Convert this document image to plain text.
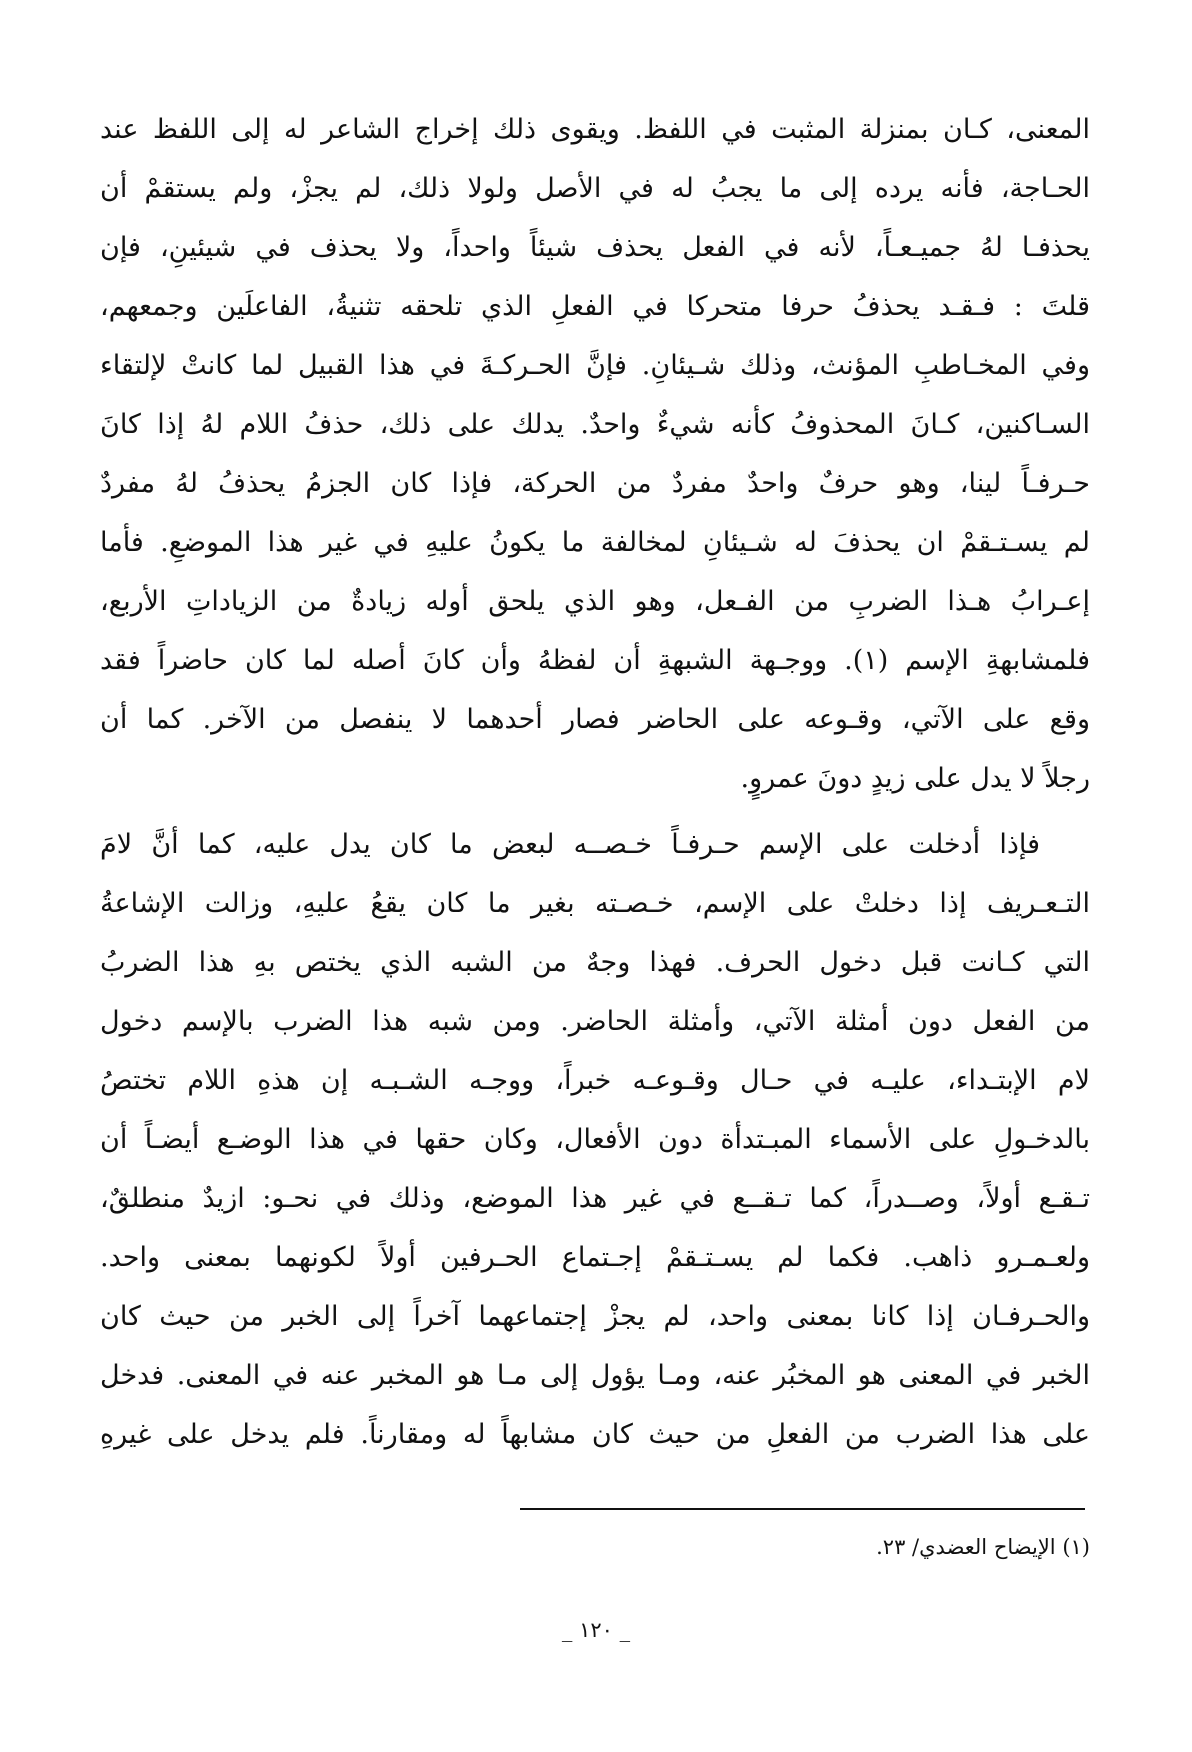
المعنى، كـان بمنزلة المثبت في اللفظ. ويقوى ذلك إخراج الشاعر له إلى اللفظ عند
الحـاجة، فأنه يرده إلى ما يجبُ له في الأصل ولولا ذلك، لم يجزْ، ولم يستقمْ أن
يحذفـا لهُ جميـعـاً، لأنه في الفعل يحذف شيئاً واحداً، ولا يحذف في شيئينِ، فإن
قلتَ : فـقـد يحذفُ حرفا متحركا في الفعلِ الذي تلحقه تثنيةُ، الفاعلَين وجمعهم،
وفي المخـاطبِ المؤنث، وذلك شـيئانِ. فإنَّ الحـركـةَ في هذا القبيل لما كانتْ لإلتقاء
السـاكنين، كـانَ المحذوفُ كأنه شيءٌ واحدٌ. يدلك على ذلك، حذفُ اللام لهُ إذا كانَ
حـرفـاً لينا، وهو حرفٌ واحدٌ مفردٌ من الحركة، فإذا كان الجزمُ يحذفُ لهُ مفردٌ
لم يسـتـقمْ ان يحذفَ له شـيئانِ لمخالفة ما يكونُ عليهِ في غير هذا الموضعِ. فأما
إعـرابُ هـذا الضربِ من الفـعل، وهو الذي يلحق أوله زيادةٌ من الزياداتِ الأربع،
فلمشابهةِ الإسم (١). ووجـهة الشبهةِ أن لفظهُ وأن كانَ أصله لما كان حاضراً فقد
وقع على الآتي، وقـوعه على الحاضر فصار أحدهما لا ينفصل من الآخر. كما أن
رجلاً لا يدل على زيدٍ دونَ عمروٍ.
فإذا أدخلت على الإسم حـرفـاً خـصــه لبعض ما كان يدل عليه، كما أنَّ لامَ
التـعـريف إذا دخلتْ على الإسم، خـصـته بغير ما كان يقعُ عليهِ، وزالت الإشاعةُ
التي كـانت قبل دخول الحرف. فهذا وجهٌ من الشبه الذي يختص بهِ هذا الضربُ
من الفعل دون أمثلة الآتي، وأمثلة الحاضر. ومن شبه هذا الضرب بالإسم دخول
لام الإبتـداء، عليـه في حـال وقـوعـه خبراً، ووجـه الشـبـه إن هذهِ اللام تختصُ
بالدخـولِ على الأسماء المبـتدأة دون الأفعال، وكان حقها في هذا الوضـع أيضـاً أن
تـقـع أولاً، وصــدراً، كما تـقــع في غير هذا الموضع، وذلك في نحـو: ازيدٌ منطلقٌ،
ولعـمـرو ذاهب. فكما لم يسـتـقمْ إجـتماع الحـرفين أولاً لكونهما بمعنى واحد.
والحـرفـان إذا كانا بمعنى واحد، لم يجزْ إجتماعهما آخراً إلى الخبر من حيث كان
الخبر في المعنى هو المخبُر عنه، ومـا يؤول إلى مـا هو المخبر عنه في المعنى. فدخل
على هذا الضرب من الفعلِ من حيث كان مشابهاً له ومقارناً. فلم يدخل على غيرهِ
(١) الإيضاح العضدي/ ٢٣.
_ ١٢٠ _
